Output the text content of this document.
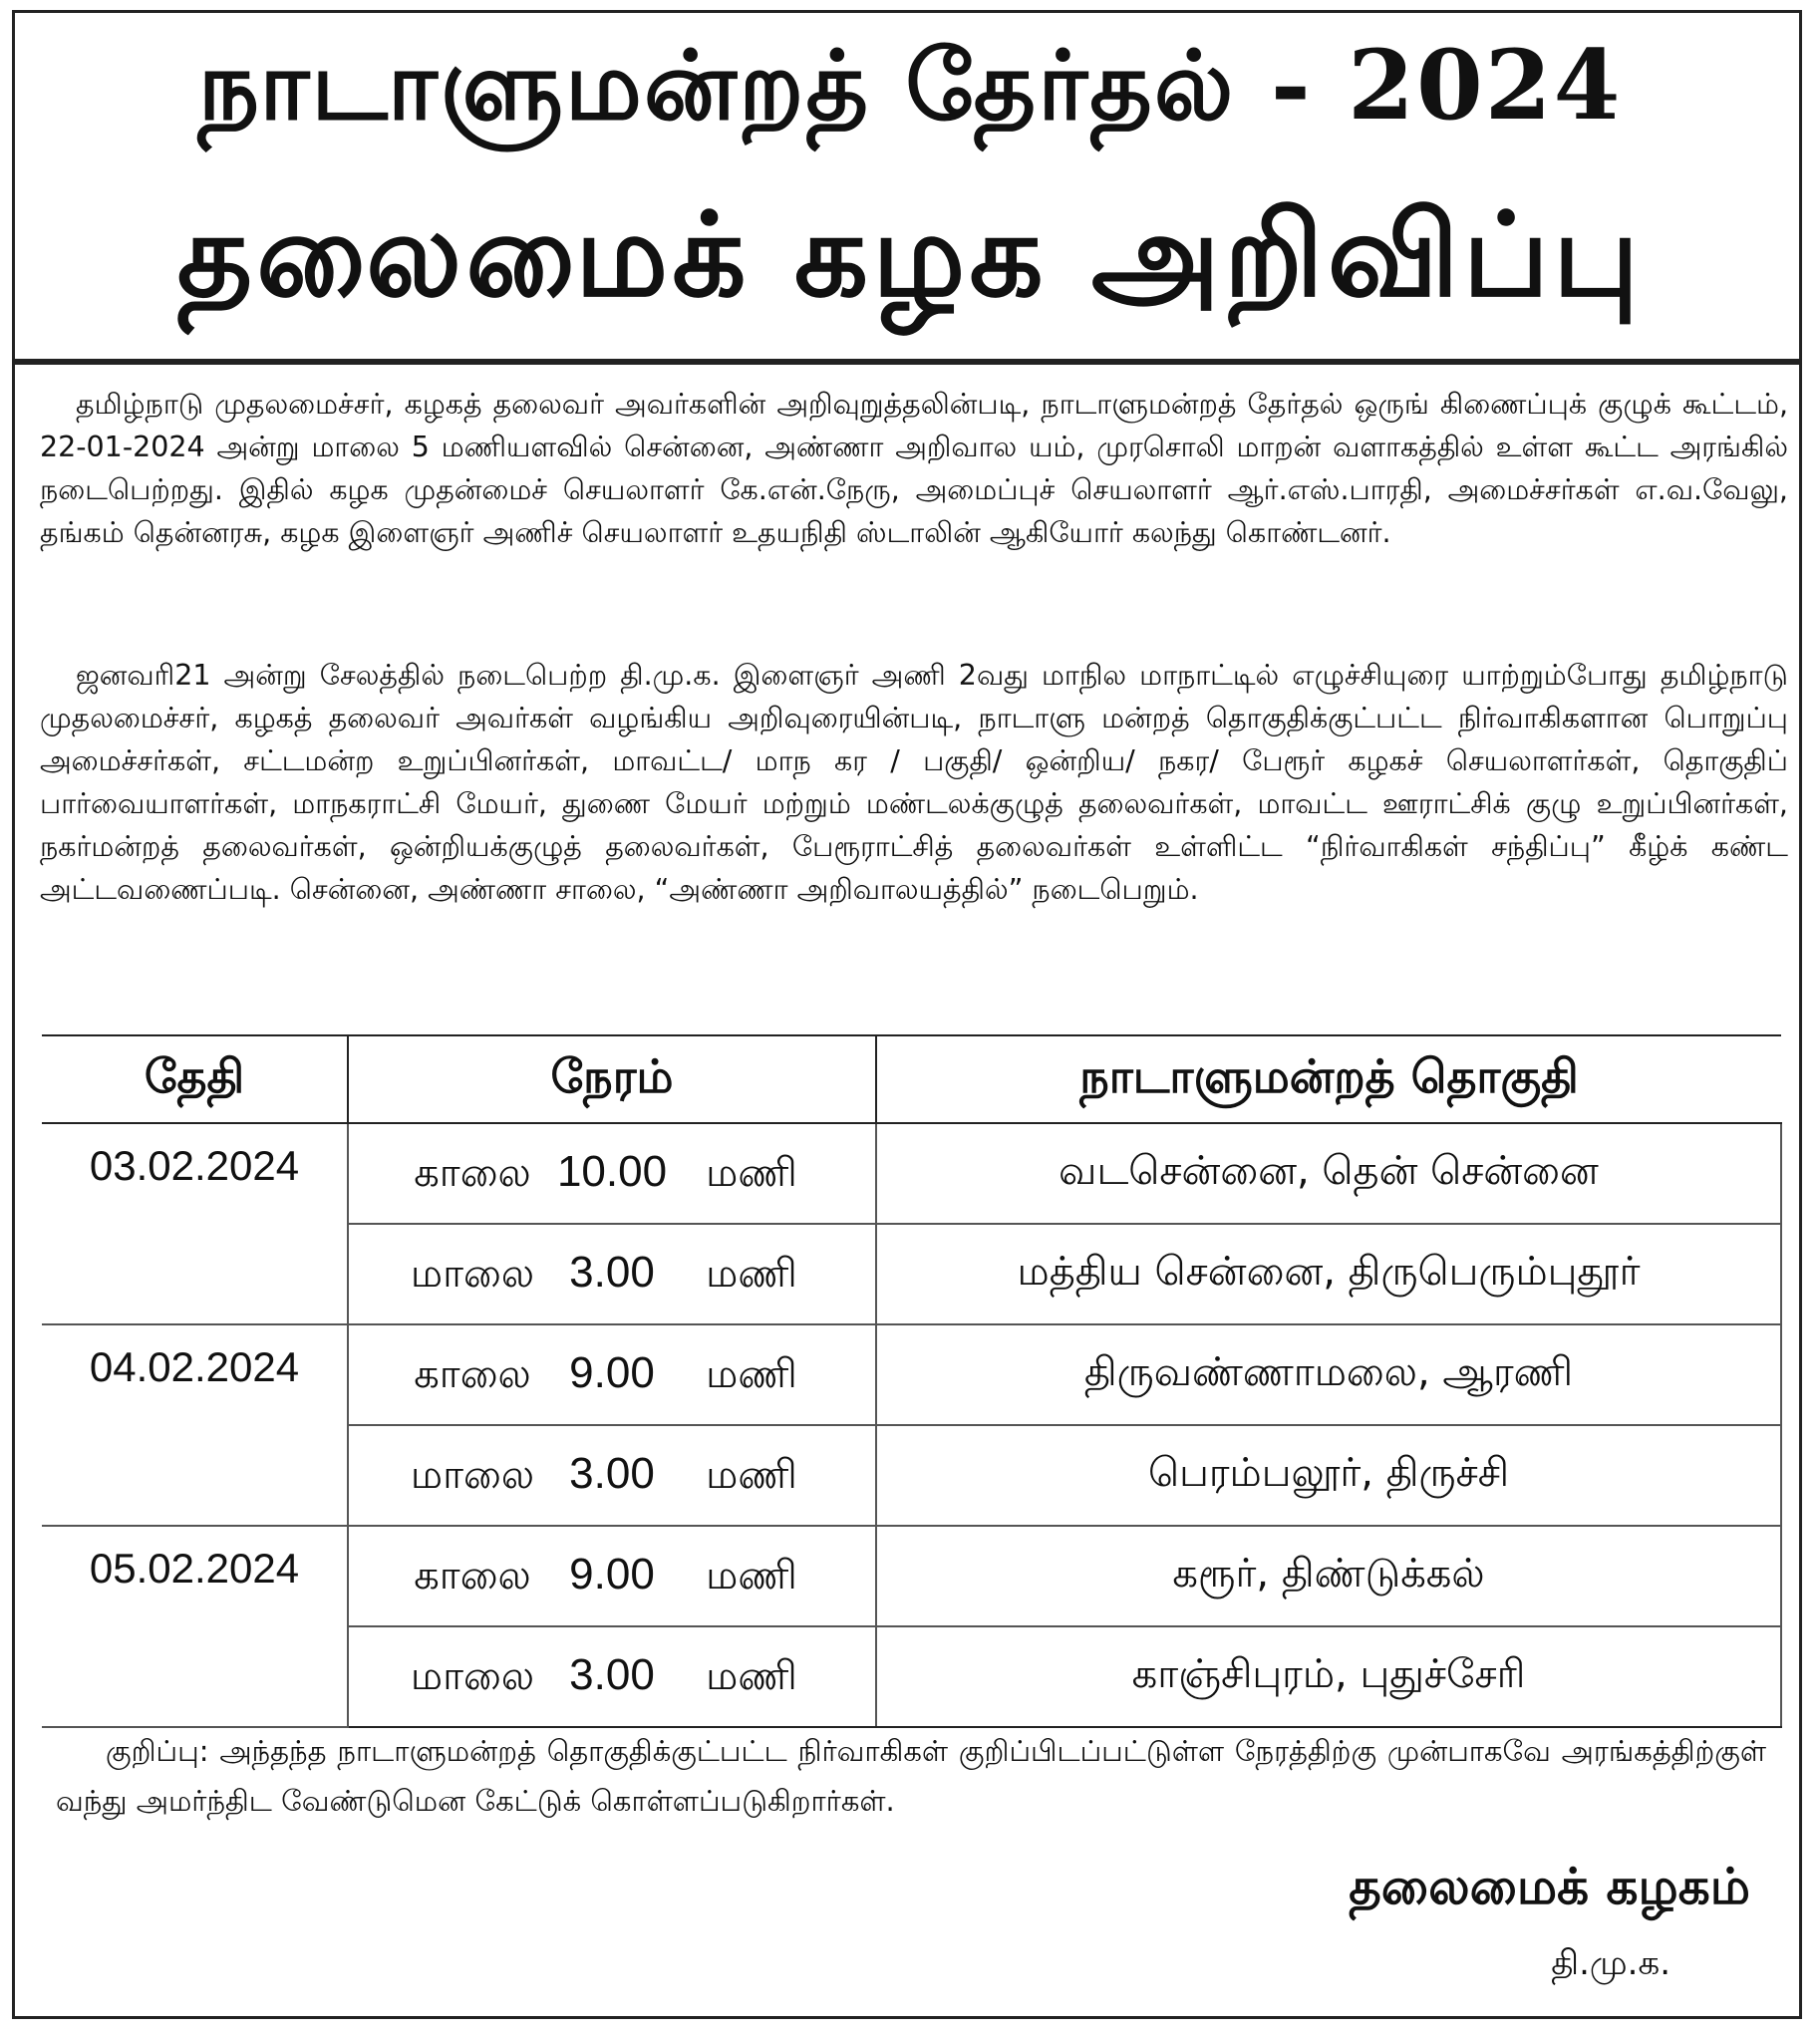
நாடாளுமன்றத் தேர்தல் - 2024
தலைமைக் கழக அறிவிப்பு
தமிழ்நாடு முதலமைச்சர், கழகத் தலைவர் அவர்களின் அறிவுறுத்தலின்படி, நாடாளுமன்றத் தேர்தல் ஒருங் கிணைப்புக் குழுக் கூட்டம், 22-01-2024 அன்று மாலை 5 மணியளவில் சென்னை, அண்ணா அறிவால யம், முரசொலி மாறன் வளாகத்தில் உள்ள கூட்ட அரங்கில் நடைபெற்றது. இதில் கழக முதன்மைச் செயலாளர் கே.என்.நேரு, அமைப்புச் செயலாளர் ஆர்.எஸ்.பாரதி, அமைச்சர்கள் எ.வ.வேலு, தங்கம் தென்னரசு, கழக இளைஞர் அணிச் செயலாளர் உதயநிதி ஸ்டாலின் ஆகியோர் கலந்து கொண்டனர்.
ஜனவரி21 அன்று சேலத்தில் நடைபெற்ற தி.மு.க. இளைஞர் அணி 2வது மாநில மாநாட்டில் எழுச்சியுரை யாற்றும்போது தமிழ்நாடு முதலமைச்சர், கழகத் தலைவர் அவர்கள் வழங்கிய அறிவுரையின்படி, நாடாளு மன்றத் தொகுதிக்குட்பட்ட நிர்வாகிகளான பொறுப்பு அமைச்சர்கள், சட்டமன்ற உறுப்பினர்கள், மாவட்ட/ மாந கர / பகுதி/ ஒன்றிய/ நகர/ பேரூர் கழகச் செயலாளர்கள், தொகுதிப் பார்வையாளர்கள், மாநகராட்சி மேயர், துணை மேயர் மற்றும் மண்டலக்குழுத் தலைவர்கள், மாவட்ட ஊராட்சிக் குழு உறுப்பினர்கள், நகர்மன்றத் தலைவர்கள், ஒன்றியக்குழுத் தலைவர்கள், பேரூராட்சித் தலைவர்கள் உள்ளிட்ட “நிர்வாகிகள் சந்திப்பு” கீழ்க் கண்ட அட்டவணைப்படி. சென்னை, அண்ணா சாலை, “அண்ணா அறிவாலயத்தில்” நடைபெறும்.
தேதி	நேரம்	நாடாளுமன்றத் தொகுதி
03.02.2024	காலை 10.00 மணி	வடசென்னை, தென் சென்னை
	மாலை 3.00 மணி	மத்திய சென்னை, திருபெரும்புதூர்
04.02.2024	காலை 9.00 மணி	திருவண்ணாமலை, ஆரணி
	மாலை 3.00 மணி	பெரம்பலூர், திருச்சி
05.02.2024	காலை 9.00 மணி	கரூர், திண்டுக்கல்
	மாலை 3.00 மணி	காஞ்சிபுரம், புதுச்சேரி
குறிப்பு: அந்தந்த நாடாளுமன்றத் தொகுதிக்குட்பட்ட நிர்வாகிகள் குறிப்பிடப்பட்டுள்ள நேரத்திற்கு முன்பாகவே அரங்கத்திற்குள் வந்து அமர்ந்திட வேண்டுமென கேட்டுக் கொள்ளப்படுகிறார்கள்.
தலைமைக் கழகம்
தி.மு.க.
